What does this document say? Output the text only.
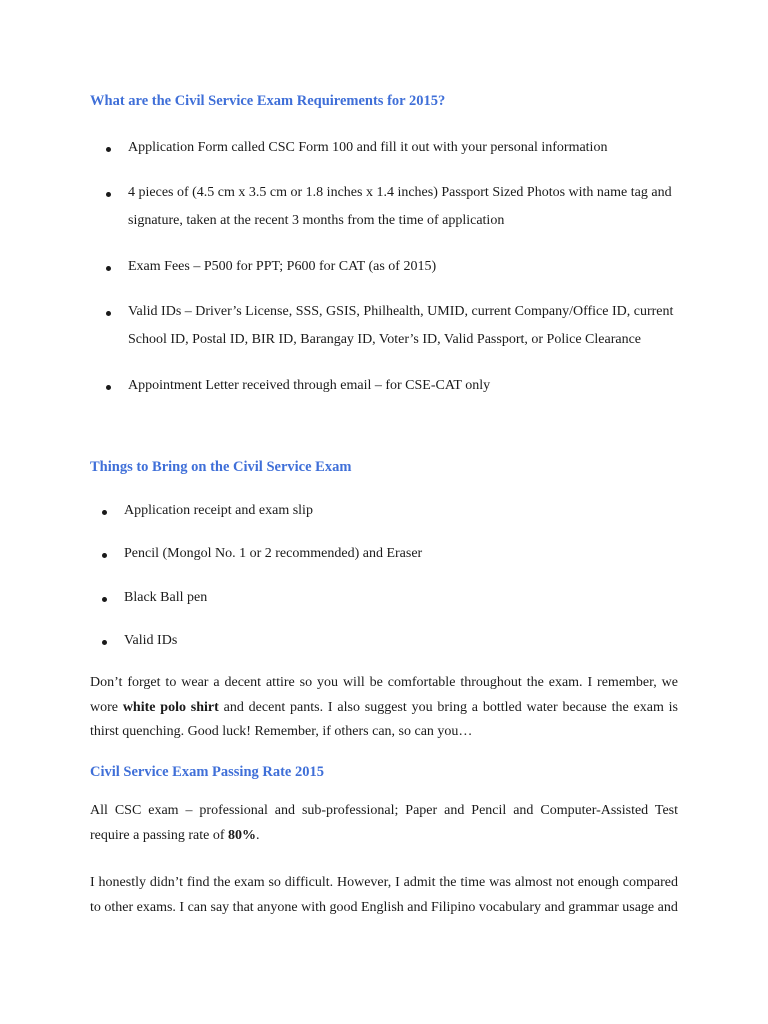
What are the Civil Service Exam Requirements for 2015?
Application Form called CSC Form 100 and fill it out with your personal information
4 pieces of (4.5 cm x 3.5 cm or 1.8 inches x 1.4 inches) Passport Sized Photos with name tag and
signature, taken at the recent 3 months from the time of application
Exam Fees – P500 for PPT; P600 for CAT (as of 2015)
Valid IDs – Driver’s License, SSS, GSIS, Philhealth, UMID, current Company/Office ID, current
School ID, Postal ID, BIR ID, Barangay ID, Voter’s ID, Valid Passport, or Police Clearance
Appointment Letter received through email – for CSE-CAT only
Things to Bring on the Civil Service Exam
Application receipt and exam slip
Pencil (Mongol No. 1 or 2 recommended) and Eraser
Black Ball pen
Valid IDs

Don’t forget to wear a decent attire so you will be comfortable throughout the exam. I remember, we wore white polo shirt and decent pants. I also suggest you bring a bottled water because the exam is thirst quenching. Good luck! Remember, if others can, so can you…

Civil Service Exam Passing Rate 2015

All CSC exam – professional and sub-professional; Paper and Pencil and Computer-Assisted Test require a passing rate of 80%.

I honestly didn’t find the exam so difficult. However, I admit the time was almost not enough compared to other exams. I can say that anyone with good English and Filipino vocabulary and grammar usage and
